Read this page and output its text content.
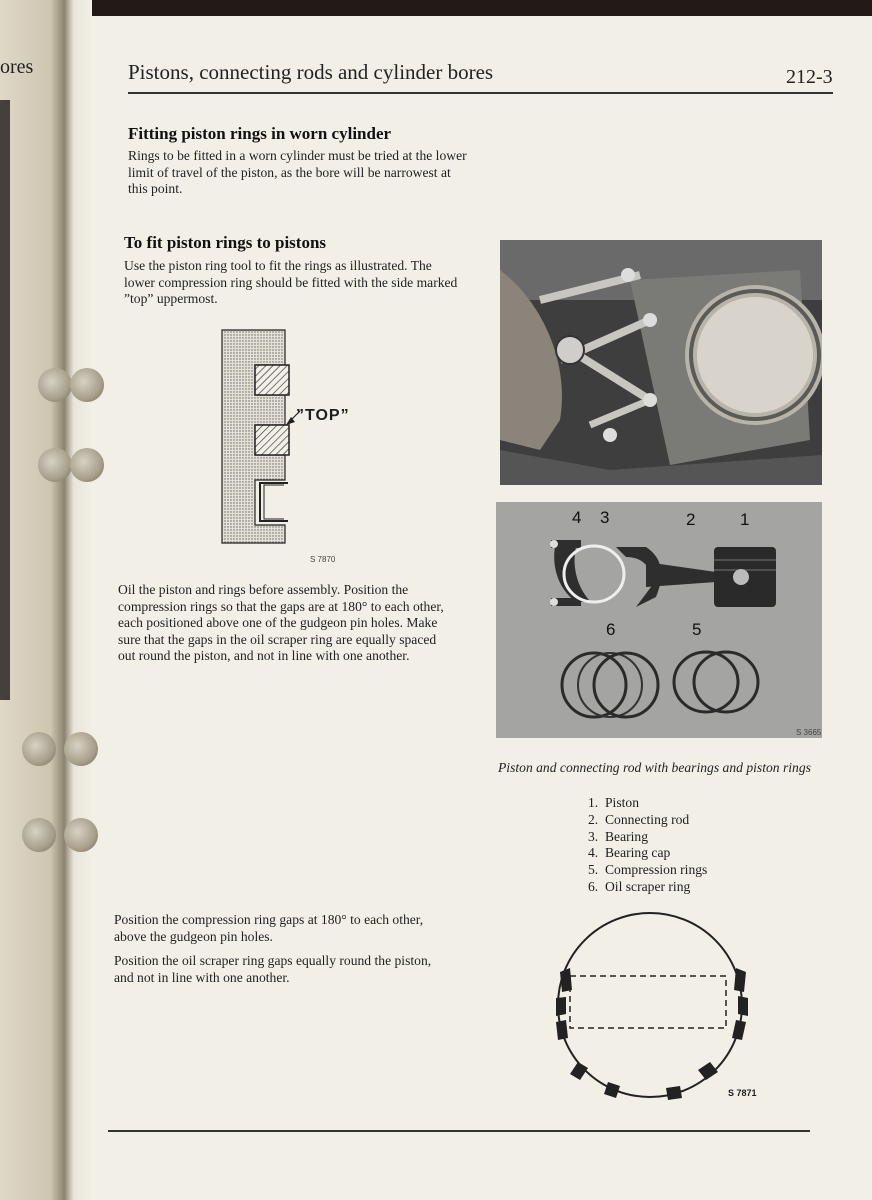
ores	Pistons, connecting rods and cylinder bores	212-3
Fitting piston rings in worn cylinder
Rings to be fitted in a worn cylinder must be tried at the lower limit of travel of the piston, as the bore will be narrowest at this point.
To fit piston rings to pistons
Use the piston ring tool to fit the rings as illustrated. The lower compression ring should be fitted with the side marked ”top” uppermost.
”TOP”
S 7870
Oil the piston and rings before assembly. Position the compression rings so that the gaps are at 180° to each other, each positioned above one of the gudgeon pin holes. Make sure that the gaps in the oil scraper ring are equally spaced out round the piston, and not in line with one another.
Position the compression ring gaps at 180° to each other, above the gudgeon pin holes.
Position the oil scraper ring gaps equally round the piston, and not in line with one another.
4 3	2	1
6	5
S 3665
Piston and connecting rod with bearings and piston rings
1. Piston
2. Connecting rod
3. Bearing
4. Bearing cap
5. Compression rings
6. Oil scraper ring
S 7871
